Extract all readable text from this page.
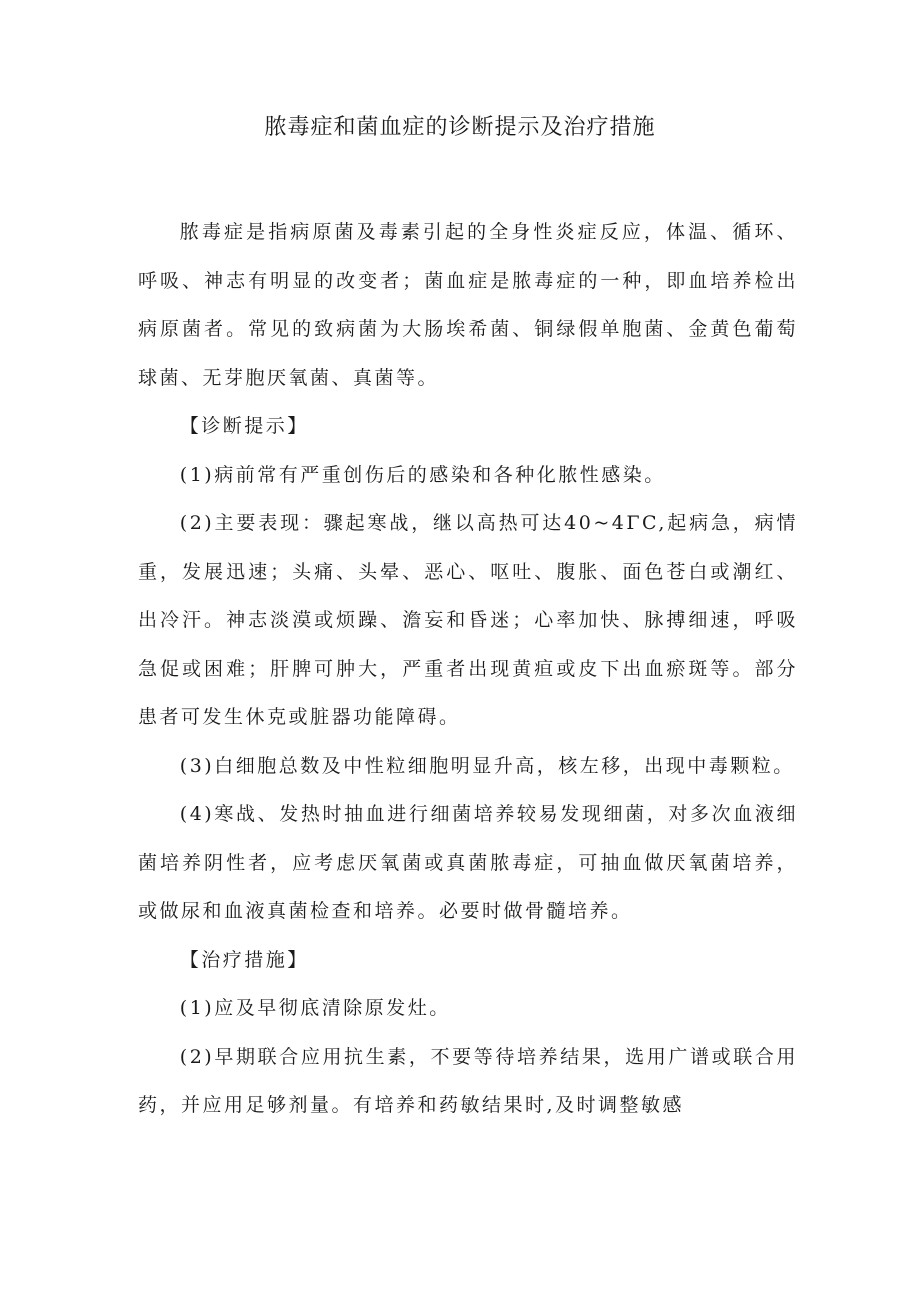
脓毒症和菌血症的诊断提示及治疗措施

脓毒症是指病原菌及毒素引起的全身性炎症反应，体温、循环、呼吸、神志有明显的改变者；菌血症是脓毒症的一种，即血培养检出病原菌者。常见的致病菌为大肠埃希菌、铜绿假单胞菌、金黄色葡萄球菌、无芽胞厌氧菌、真菌等。

【诊断提示】

(1)病前常有严重创伤后的感染和各种化脓性感染。

(2)主要表现：骤起寒战，继以高热可达40~4ΓC,起病急，病情重，发展迅速；头痛、头晕、恶心、呕吐、腹胀、面色苍白或潮红、出冷汗。神志淡漠或烦躁、澹妄和昏迷；心率加快、脉搏细速，呼吸急促或困难；肝脾可肿大，严重者出现黄疸或皮下出血瘀斑等。部分患者可发生休克或脏器功能障碍。

(3)白细胞总数及中性粒细胞明显升高，核左移，出现中毒颗粒。

(4)寒战、发热时抽血进行细菌培养较易发现细菌，对多次血液细菌培养阴性者，应考虑厌氧菌或真菌脓毒症，可抽血做厌氧菌培养，或做尿和血液真菌检查和培养。必要时做骨髓培养。

【治疗措施】

(1)应及早彻底清除原发灶。

(2)早期联合应用抗生素，不要等待培养结果，选用广谱或联合用药，并应用足够剂量。有培养和药敏结果时,及时调整敏感
